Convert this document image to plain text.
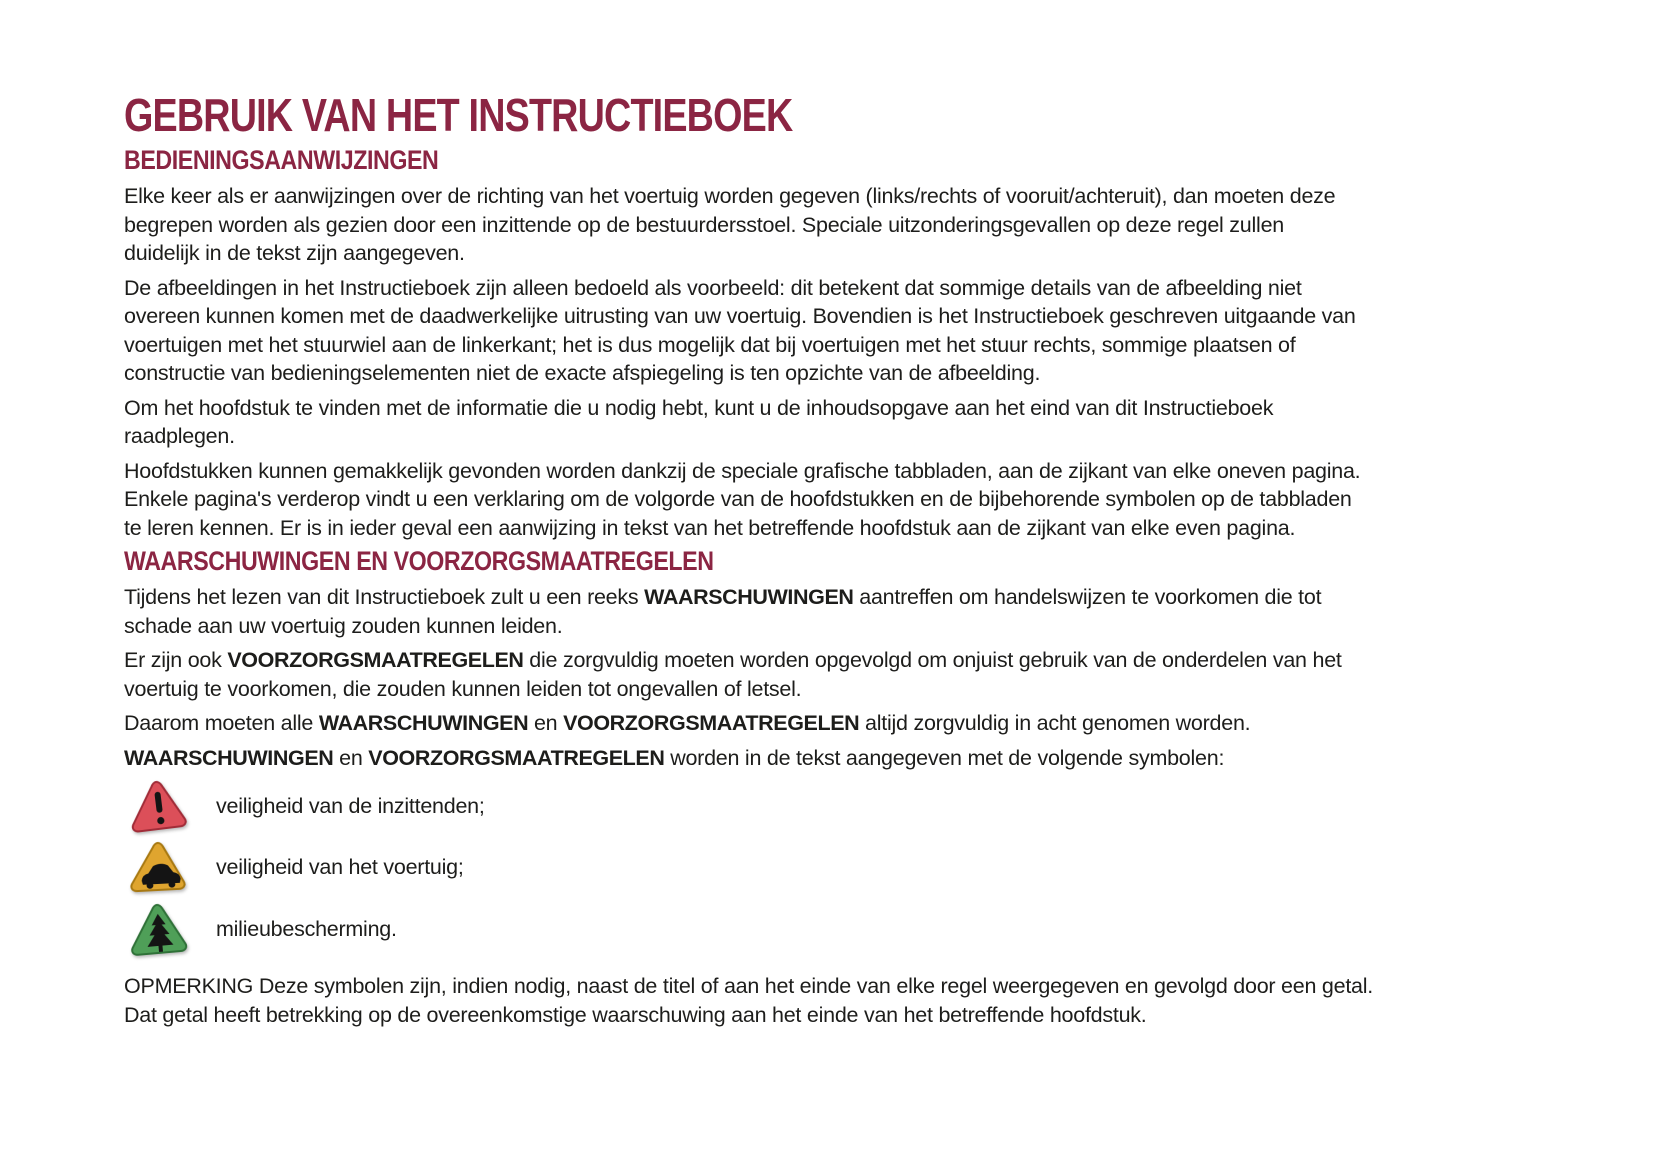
GEBRUIK VAN HET INSTRUCTIEBOEK
BEDIENINGSAANWIJZINGEN
Elke keer als er aanwijzingen over de richting van het voertuig worden gegeven (links/rechts of vooruit/achteruit), dan moeten deze
begrepen worden als gezien door een inzittende op de bestuurdersstoel. Speciale uitzonderingsgevallen op deze regel zullen
duidelijk in de tekst zijn aangegeven.
De afbeeldingen in het Instructieboek zijn alleen bedoeld als voorbeeld: dit betekent dat sommige details van de afbeelding niet
overeen kunnen komen met de daadwerkelijke uitrusting van uw voertuig. Bovendien is het Instructieboek geschreven uitgaande van
voertuigen met het stuurwiel aan de linkerkant; het is dus mogelijk dat bij voertuigen met het stuur rechts, sommige plaatsen of
constructie van bedieningselementen niet de exacte afspiegeling is ten opzichte van de afbeelding.
Om het hoofdstuk te vinden met de informatie die u nodig hebt, kunt u de inhoudsopgave aan het eind van dit Instructieboek
raadplegen.
Hoofdstukken kunnen gemakkelijk gevonden worden dankzij de speciale grafische tabbladen, aan de zijkant van elke oneven pagina.
Enkele pagina's verderop vindt u een verklaring om de volgorde van de hoofdstukken en de bijbehorende symbolen op de tabbladen
te leren kennen. Er is in ieder geval een aanwijzing in tekst van het betreffende hoofdstuk aan de zijkant van elke even pagina.
WAARSCHUWINGEN EN VOORZORGSMAATREGELEN
Tijdens het lezen van dit Instructieboek zult u een reeks WAARSCHUWINGEN aantreffen om handelswijzen te voorkomen die tot
schade aan uw voertuig zouden kunnen leiden.
Er zijn ook VOORZORGSMAATREGELEN die zorgvuldig moeten worden opgevolgd om onjuist gebruik van de onderdelen van het
voertuig te voorkomen, die zouden kunnen leiden tot ongevallen of letsel.
Daarom moeten alle WAARSCHUWINGEN en VOORZORGSMAATREGELEN altijd zorgvuldig in acht genomen worden.
WAARSCHUWINGEN en VOORZORGSMAATREGELEN worden in de tekst aangegeven met de volgende symbolen:
veiligheid van de inzittenden;
veiligheid van het voertuig;
milieubescherming.
OPMERKING Deze symbolen zijn, indien nodig, naast de titel of aan het einde van elke regel weergegeven en gevolgd door een getal.
Dat getal heeft betrekking op de overeenkomstige waarschuwing aan het einde van het betreffende hoofdstuk.
